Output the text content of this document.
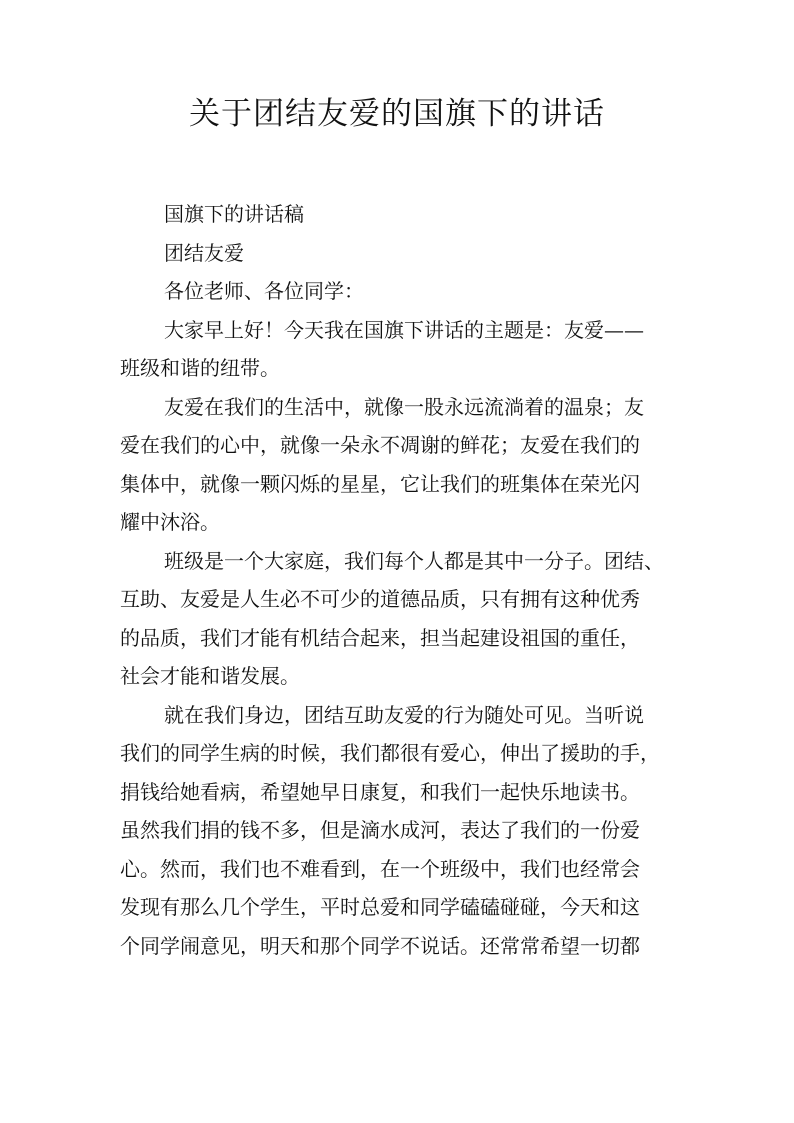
关于团结友爱的国旗下的讲话
国旗下的讲话稿
团结友爱
各位老师、各位同学：
大家早上好！今天我在国旗下讲话的主题是：友爱——
班级和谐的纽带。
友爱在我们的生活中，就像一股永远流淌着的温泉；友
爱在我们的心中，就像一朵永不凋谢的鲜花；友爱在我们的
集体中，就像一颗闪烁的星星，它让我们的班集体在荣光闪
耀中沐浴。
班级是一个大家庭，我们每个人都是其中一分子。团结、
互助、友爱是人生必不可少的道德品质，只有拥有这种优秀
的品质，我们才能有机结合起来，担当起建设祖国的重任，
社会才能和谐发展。
就在我们身边，团结互助友爱的行为随处可见。当听说
我们的同学生病的时候，我们都很有爱心，伸出了援助的手，
捐钱给她看病，希望她早日康复，和我们一起快乐地读书。
虽然我们捐的钱不多，但是滴水成河，表达了我们的一份爱
心。然而，我们也不难看到，在一个班级中，我们也经常会
发现有那么几个学生，平时总爱和同学磕磕碰碰，今天和这
个同学闹意见，明天和那个同学不说话。还常常希望一切都
